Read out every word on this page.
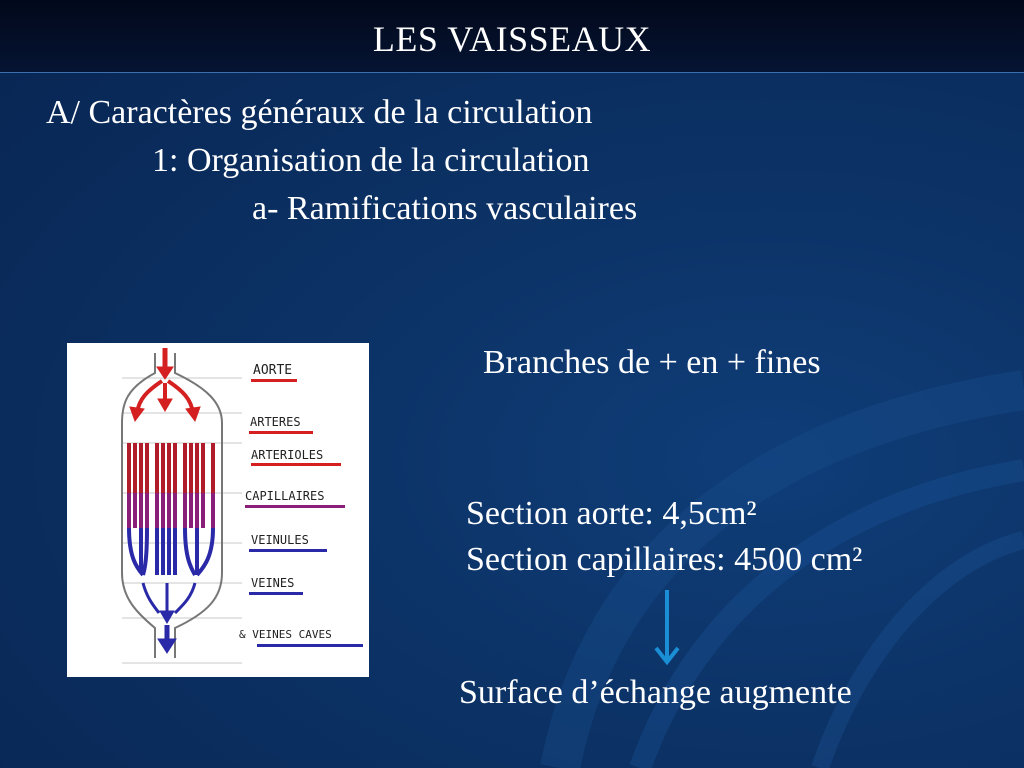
LES VAISSEAUX
A/ Caractères généraux de la circulation
1: Organisation de la circulation
a- Ramifications vasculaires
AORTE
ARTERES
ARTERIOLES
CAPILLAIRES
VEINULES
VEINES
& VEINES CAVES
Branches de + en + fines
Section aorte: 4,5cm²
Section capillaires: 4500 cm²
Surface d’échange augmente
